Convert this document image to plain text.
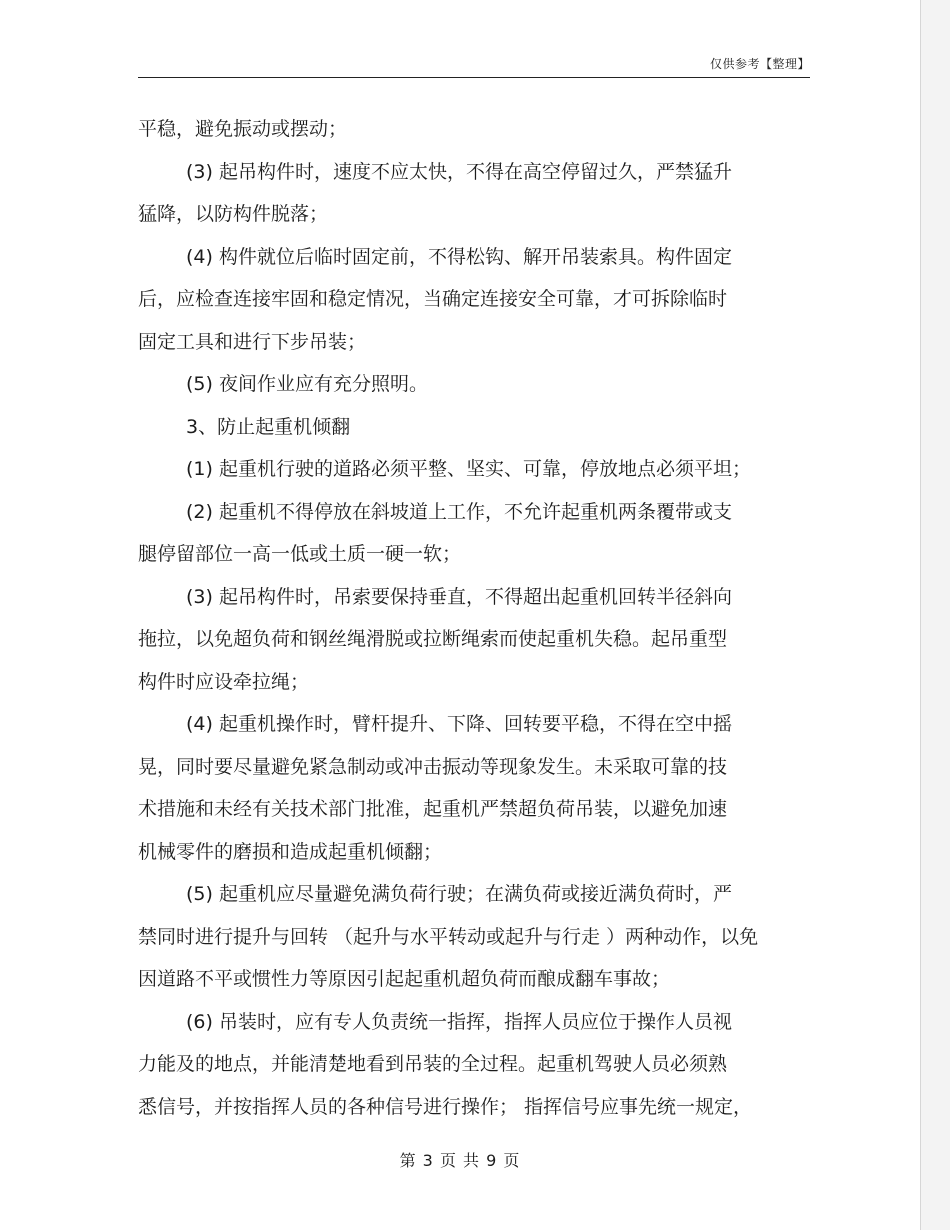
仅供参考【整理】
平稳，避免振动或摆动；
(3) 起吊构件时，速度不应太快，不得在高空停留过久，严禁猛升
猛降，以防构件脱落；
(4) 构件就位后临时固定前，不得松钩、解开吊装索具。构件固定
后，应检查连接牢固和稳定情况，当确定连接安全可靠，才可拆除临时
固定工具和进行下步吊装；
(5) 夜间作业应有充分照明。
3、防止起重机倾翻
(1) 起重机行驶的道路必须平整、坚实、可靠，停放地点必须平坦；
(2) 起重机不得停放在斜坡道上工作，不允许起重机两条覆带或支
腿停留部位一高一低或土质一硬一软；
(3) 起吊构件时，吊索要保持垂直，不得超出起重机回转半径斜向
拖拉，以免超负荷和钢丝绳滑脱或拉断绳索而使起重机失稳。起吊重型
构件时应设牵拉绳；
(4) 起重机操作时，臂杆提升、下降、回转要平稳，不得在空中摇
晃，同时要尽量避免紧急制动或冲击振动等现象发生。未采取可靠的技
术措施和未经有关技术部门批准，起重机严禁超负荷吊装，以避免加速
机械零件的磨损和造成起重机倾翻；
(5) 起重机应尽量避免满负荷行驶；在满负荷或接近满负荷时，严
禁同时进行提升与回转 （起升与水平转动或起升与行走 ）两种动作，以免
因道路不平或惯性力等原因引起起重机超负荷而酿成翻车事故；
(6) 吊装时，应有专人负责统一指挥，指挥人员应位于操作人员视
力能及的地点，并能清楚地看到吊装的全过程。起重机驾驶人员必须熟
悉信号，并按指挥人员的各种信号进行操作； 指挥信号应事先统一规定，
第 3 页 共 9 页
